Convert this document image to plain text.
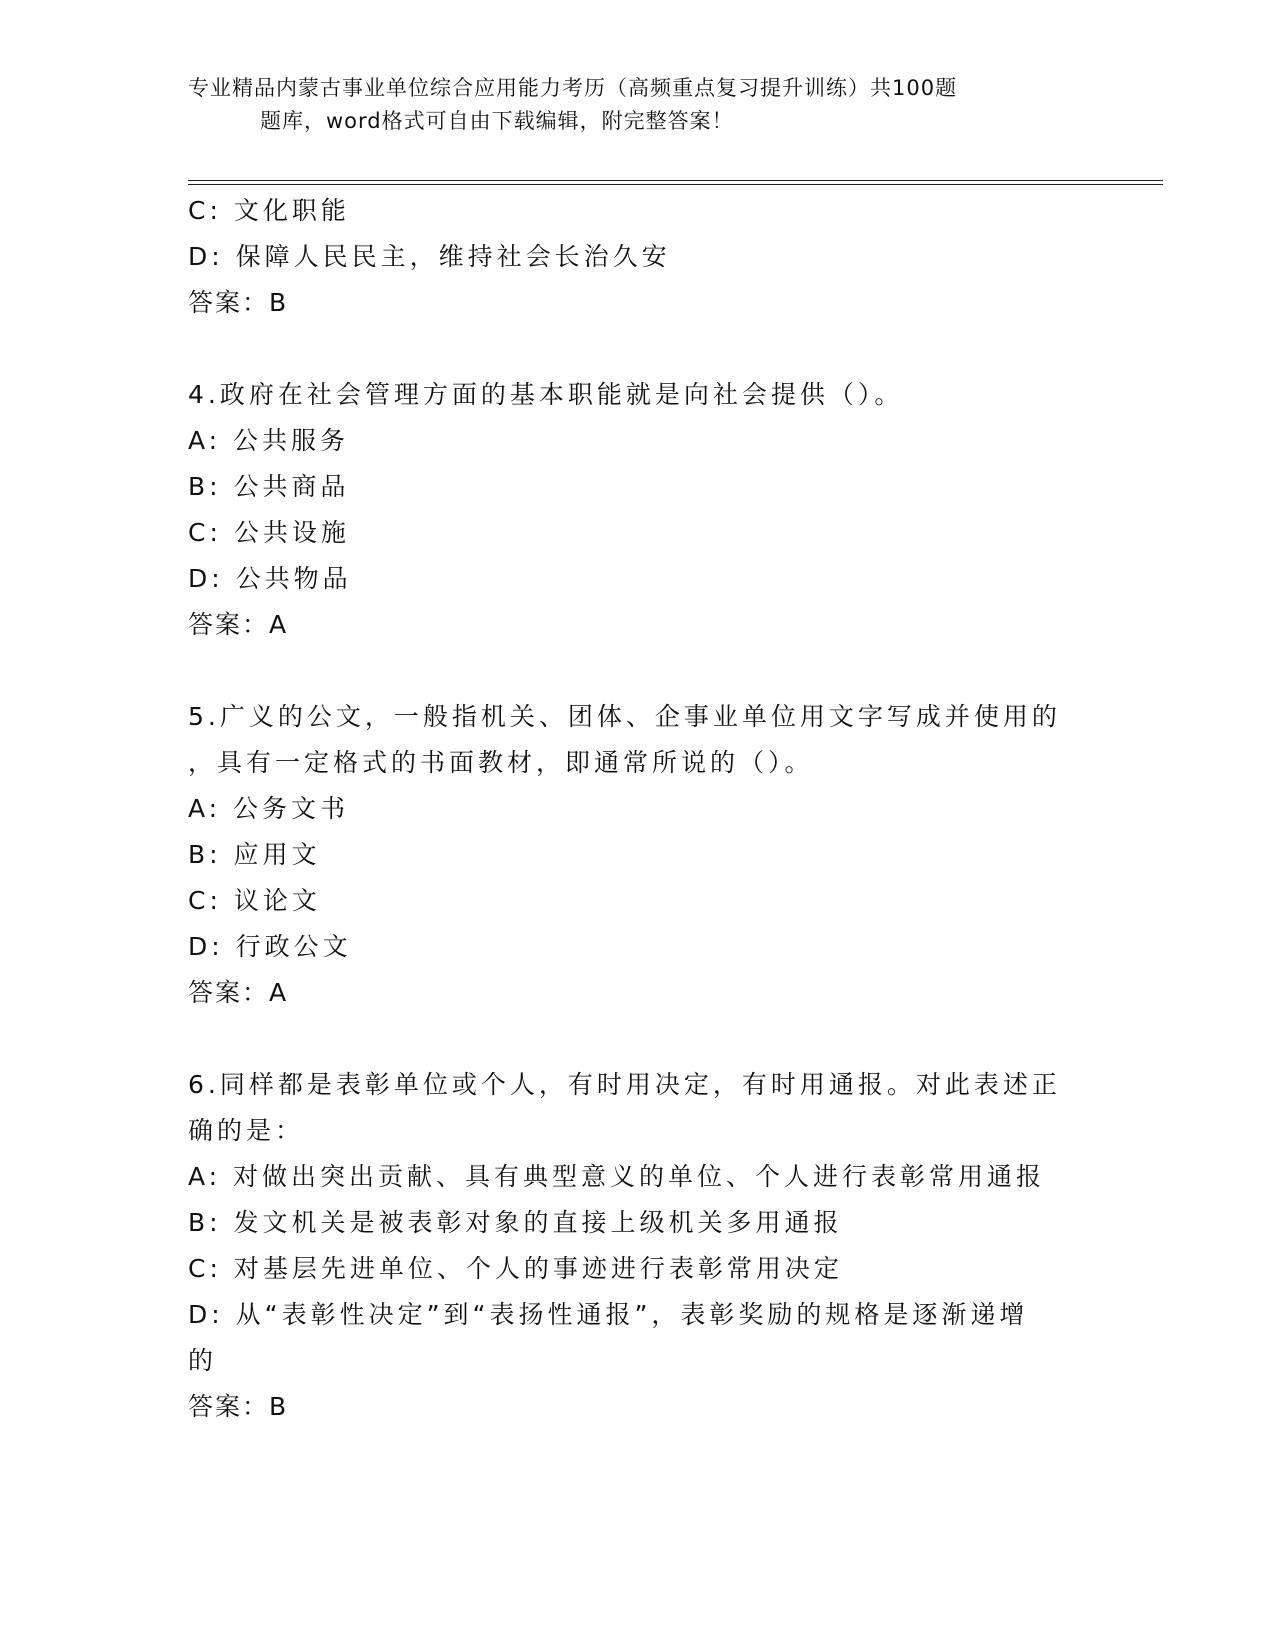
专业精品内蒙古事业单位综合应用能力考历（高频重点复习提升训练）共100题
题库，word格式可自由下载编辑，附完整答案！
C: 文化职能
D: 保障人民民主，维持社会长治久安
答案：B
4.政府在社会管理方面的基本职能就是向社会提供（）。
A: 公共服务
B: 公共商品
C: 公共设施
D: 公共物品
答案：A
5.广义的公文，一般指机关、团体、企事业单位用文字写成并使用的
，具有一定格式的书面教材，即通常所说的（）。
A: 公务文书
B: 应用文
C: 议论文
D: 行政公文
答案：A
6.同样都是表彰单位或个人，有时用决定，有时用通报。对此表述正
确的是：
A: 对做出突出贡献、具有典型意义的单位、个人进行表彰常用通报
B: 发文机关是被表彰对象的直接上级机关多用通报
C: 对基层先进单位、个人的事迹进行表彰常用决定
D: 从“表彰性决定”到“表扬性通报”，表彰奖励的规格是逐渐递增
的
答案：B
